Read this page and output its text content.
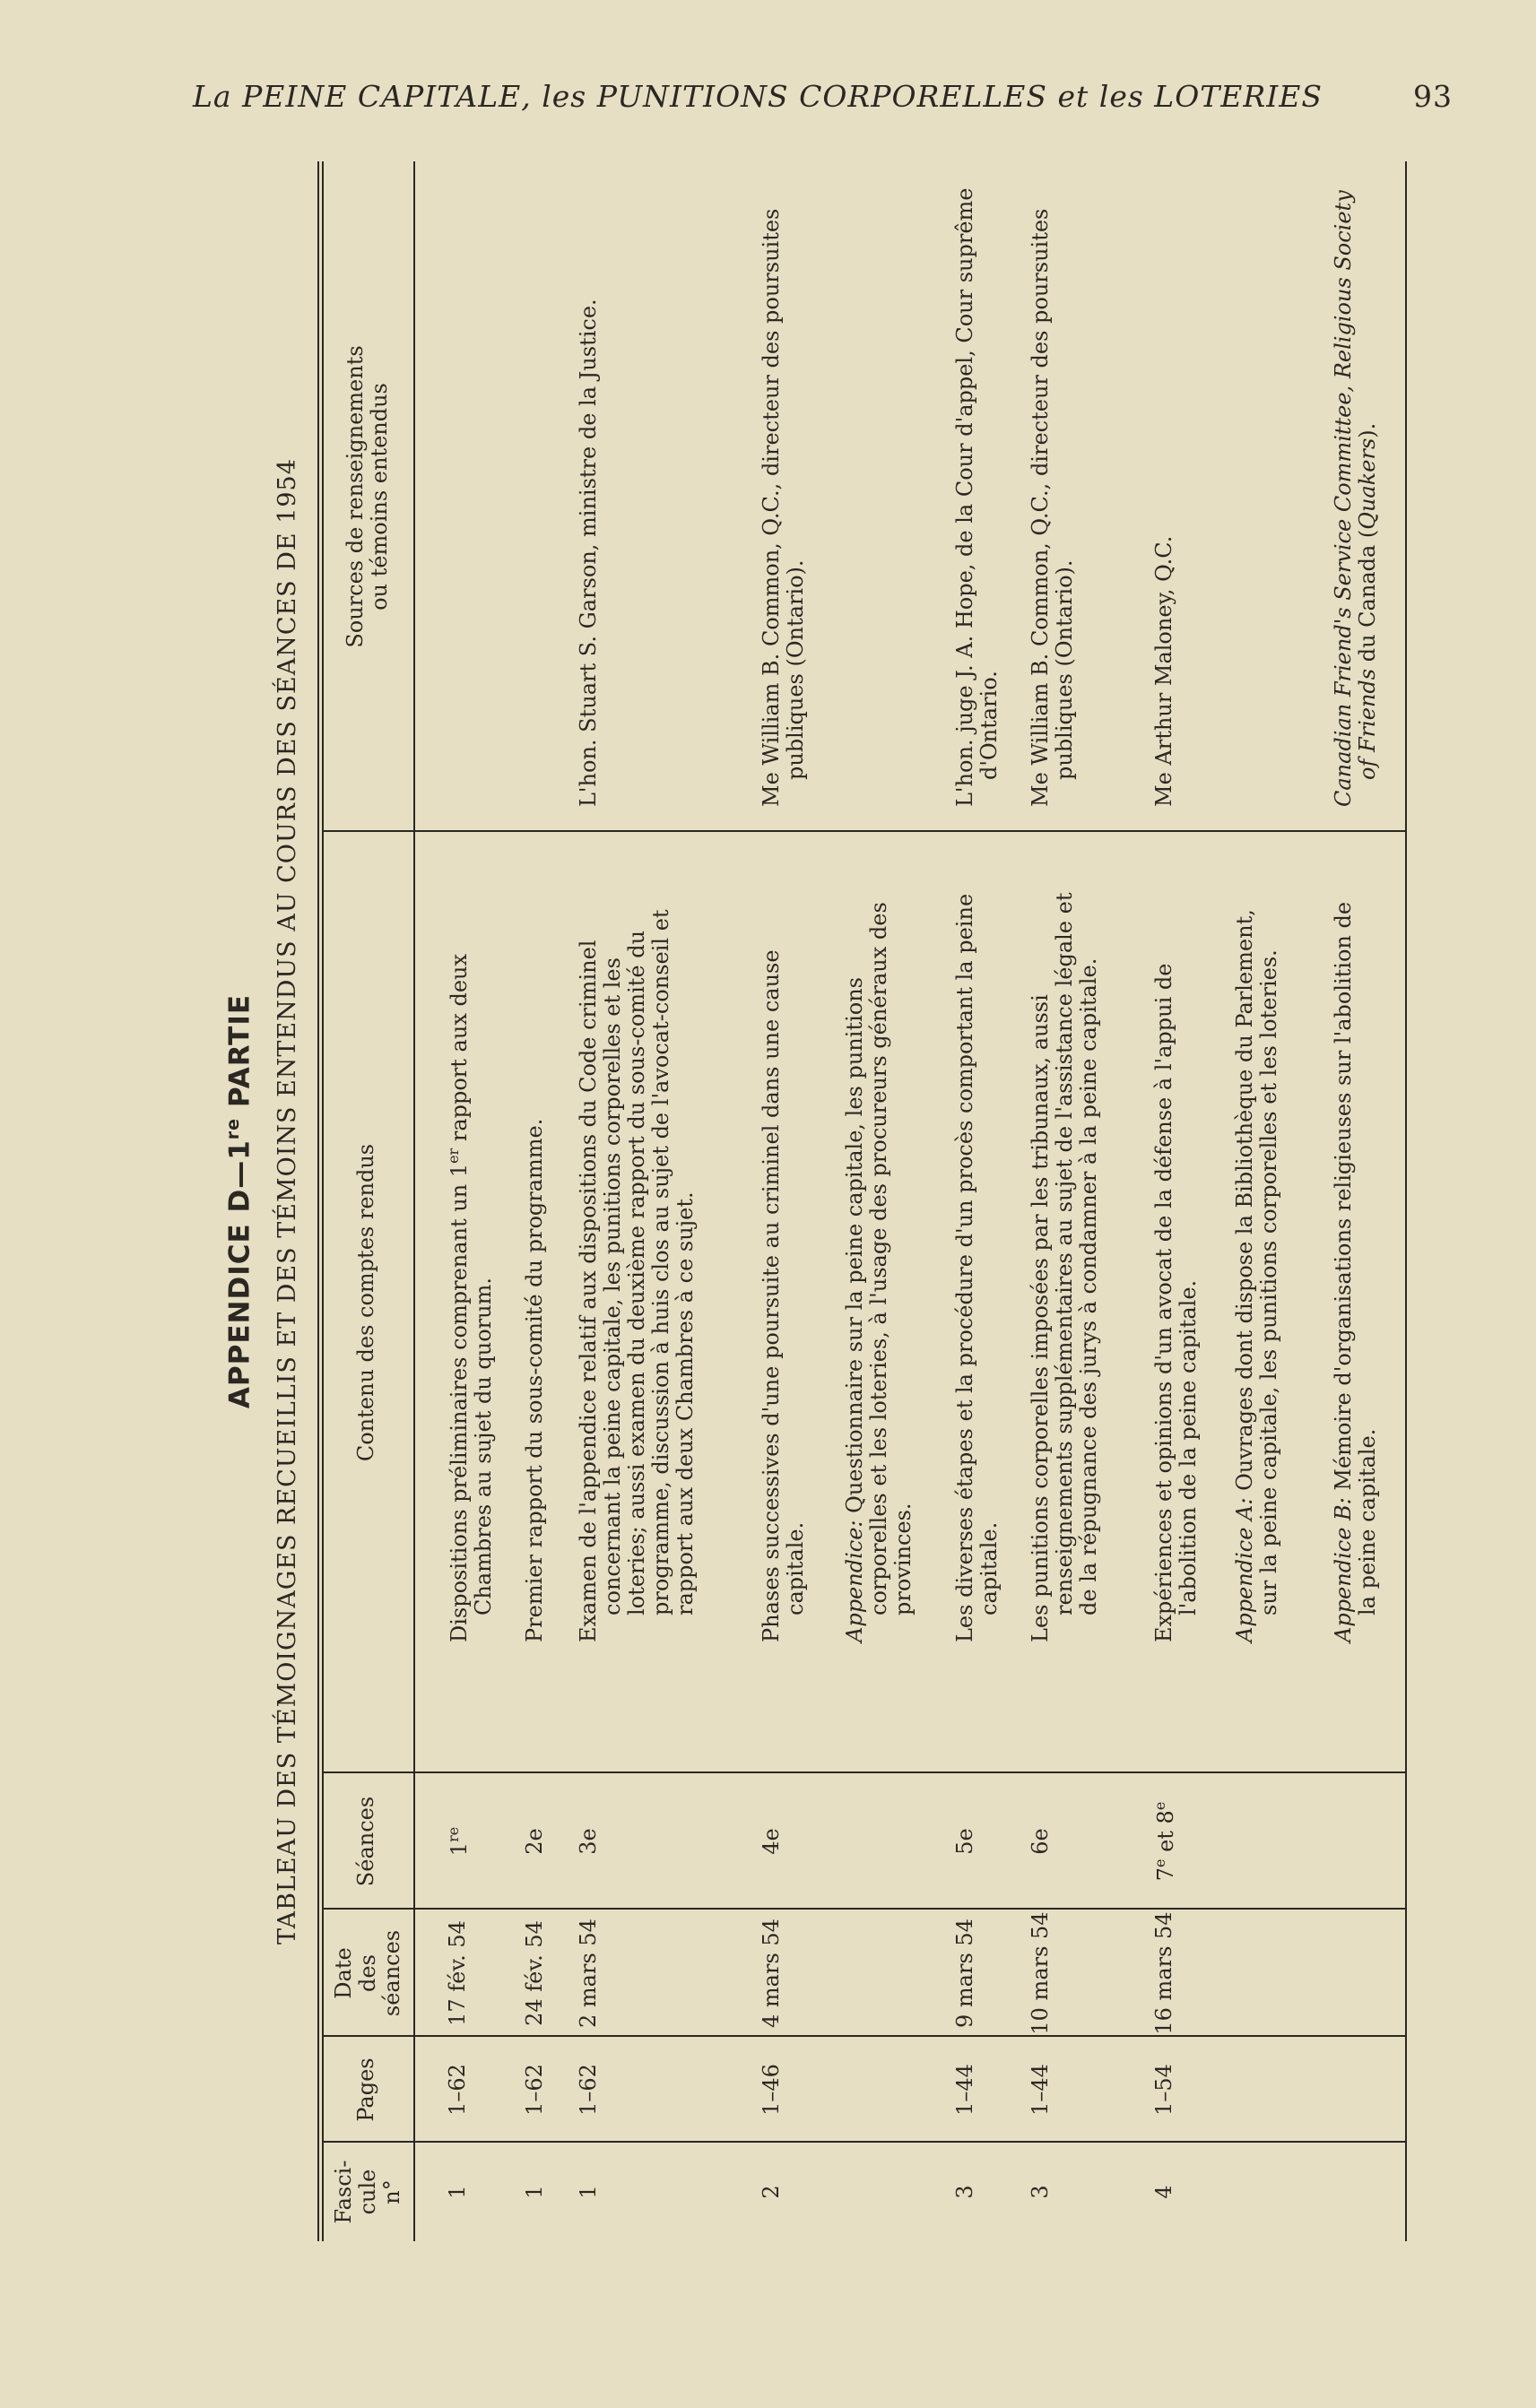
La PEINE CAPITALE, les PUNITIONS CORPORELLES et les LOTERIES	93
APPENDICE D—1re PARTIE TABLEAU DES TÉMOIGNAGES RECUEILLIS ET DES TÉMOINS ENTENDUS AU COURS DES SÉANCES DE 1954
Fasci-
cule
n°
Pages
Date
des
séances
Séances
Contenu des comptes rendus
Sources de renseignements
ou témoins entendus
1
1–62
17 fév. 54
1re
Dispositions préliminaires comprenant un 1er rapport aux deux Chambres au sujet du quorum.
1
1–62
24 fév. 54
2e
Premier rapport du sous-comité du programme.
1
1–62
2 mars 54
3e
Examen de l'appendice relatif aux dispositions du Code criminel concernant la peine capitale, les punitions corporelles et les loteries; aussi examen du deuxième rapport du sous-comité du programme, discussion à huis clos au sujet de l'avocat-conseil et rapport aux deux Chambres à ce sujet.
L'hon. Stuart S. Garson, ministre de la Justice.
2
1–46
4 mars 54
4e
Phases successives d'une poursuite au criminel dans une cause capitale.
Me William B. Common, Q.C., directeur des poursuites publiques (Ontario).
Appendice: Questionnaire sur la peine capitale, les punitions corporelles et les loteries, à l'usage des procureurs généraux des provinces.
3
1–44
9 mars 54
5e
Les diverses étapes et la procédure d'un procès comportant la peine capitale.
L'hon. juge J. A. Hope, de la Cour d'appel, Cour suprême d'Ontario.
3
1–44
10 mars 54
6e
Les punitions corporelles imposées par les tribunaux, aussi renseignements supplémentaires au sujet de l'assistance légale et de la répugnance des jurys à condamner à la peine capitale.
Me William B. Common, Q.C., directeur des poursuites publiques (Ontario).
4
1–54
16 mars 54
7e et 8e
Expériences et opinions d'un avocat de la défense à l'appui de l'abolition de la peine capitale.
Me Arthur Maloney, Q.C.
Appendice A: Ouvrages dont dispose la Bibliothèque du Parlement, sur la peine capitale, les punitions corporelles et les loteries. Appendice B: Mémoire d'organisations religieuses sur l'abolition de la peine capitale.
Canadian Friend's Service Committee, Religious Society of Friends du Canada (Quakers).
